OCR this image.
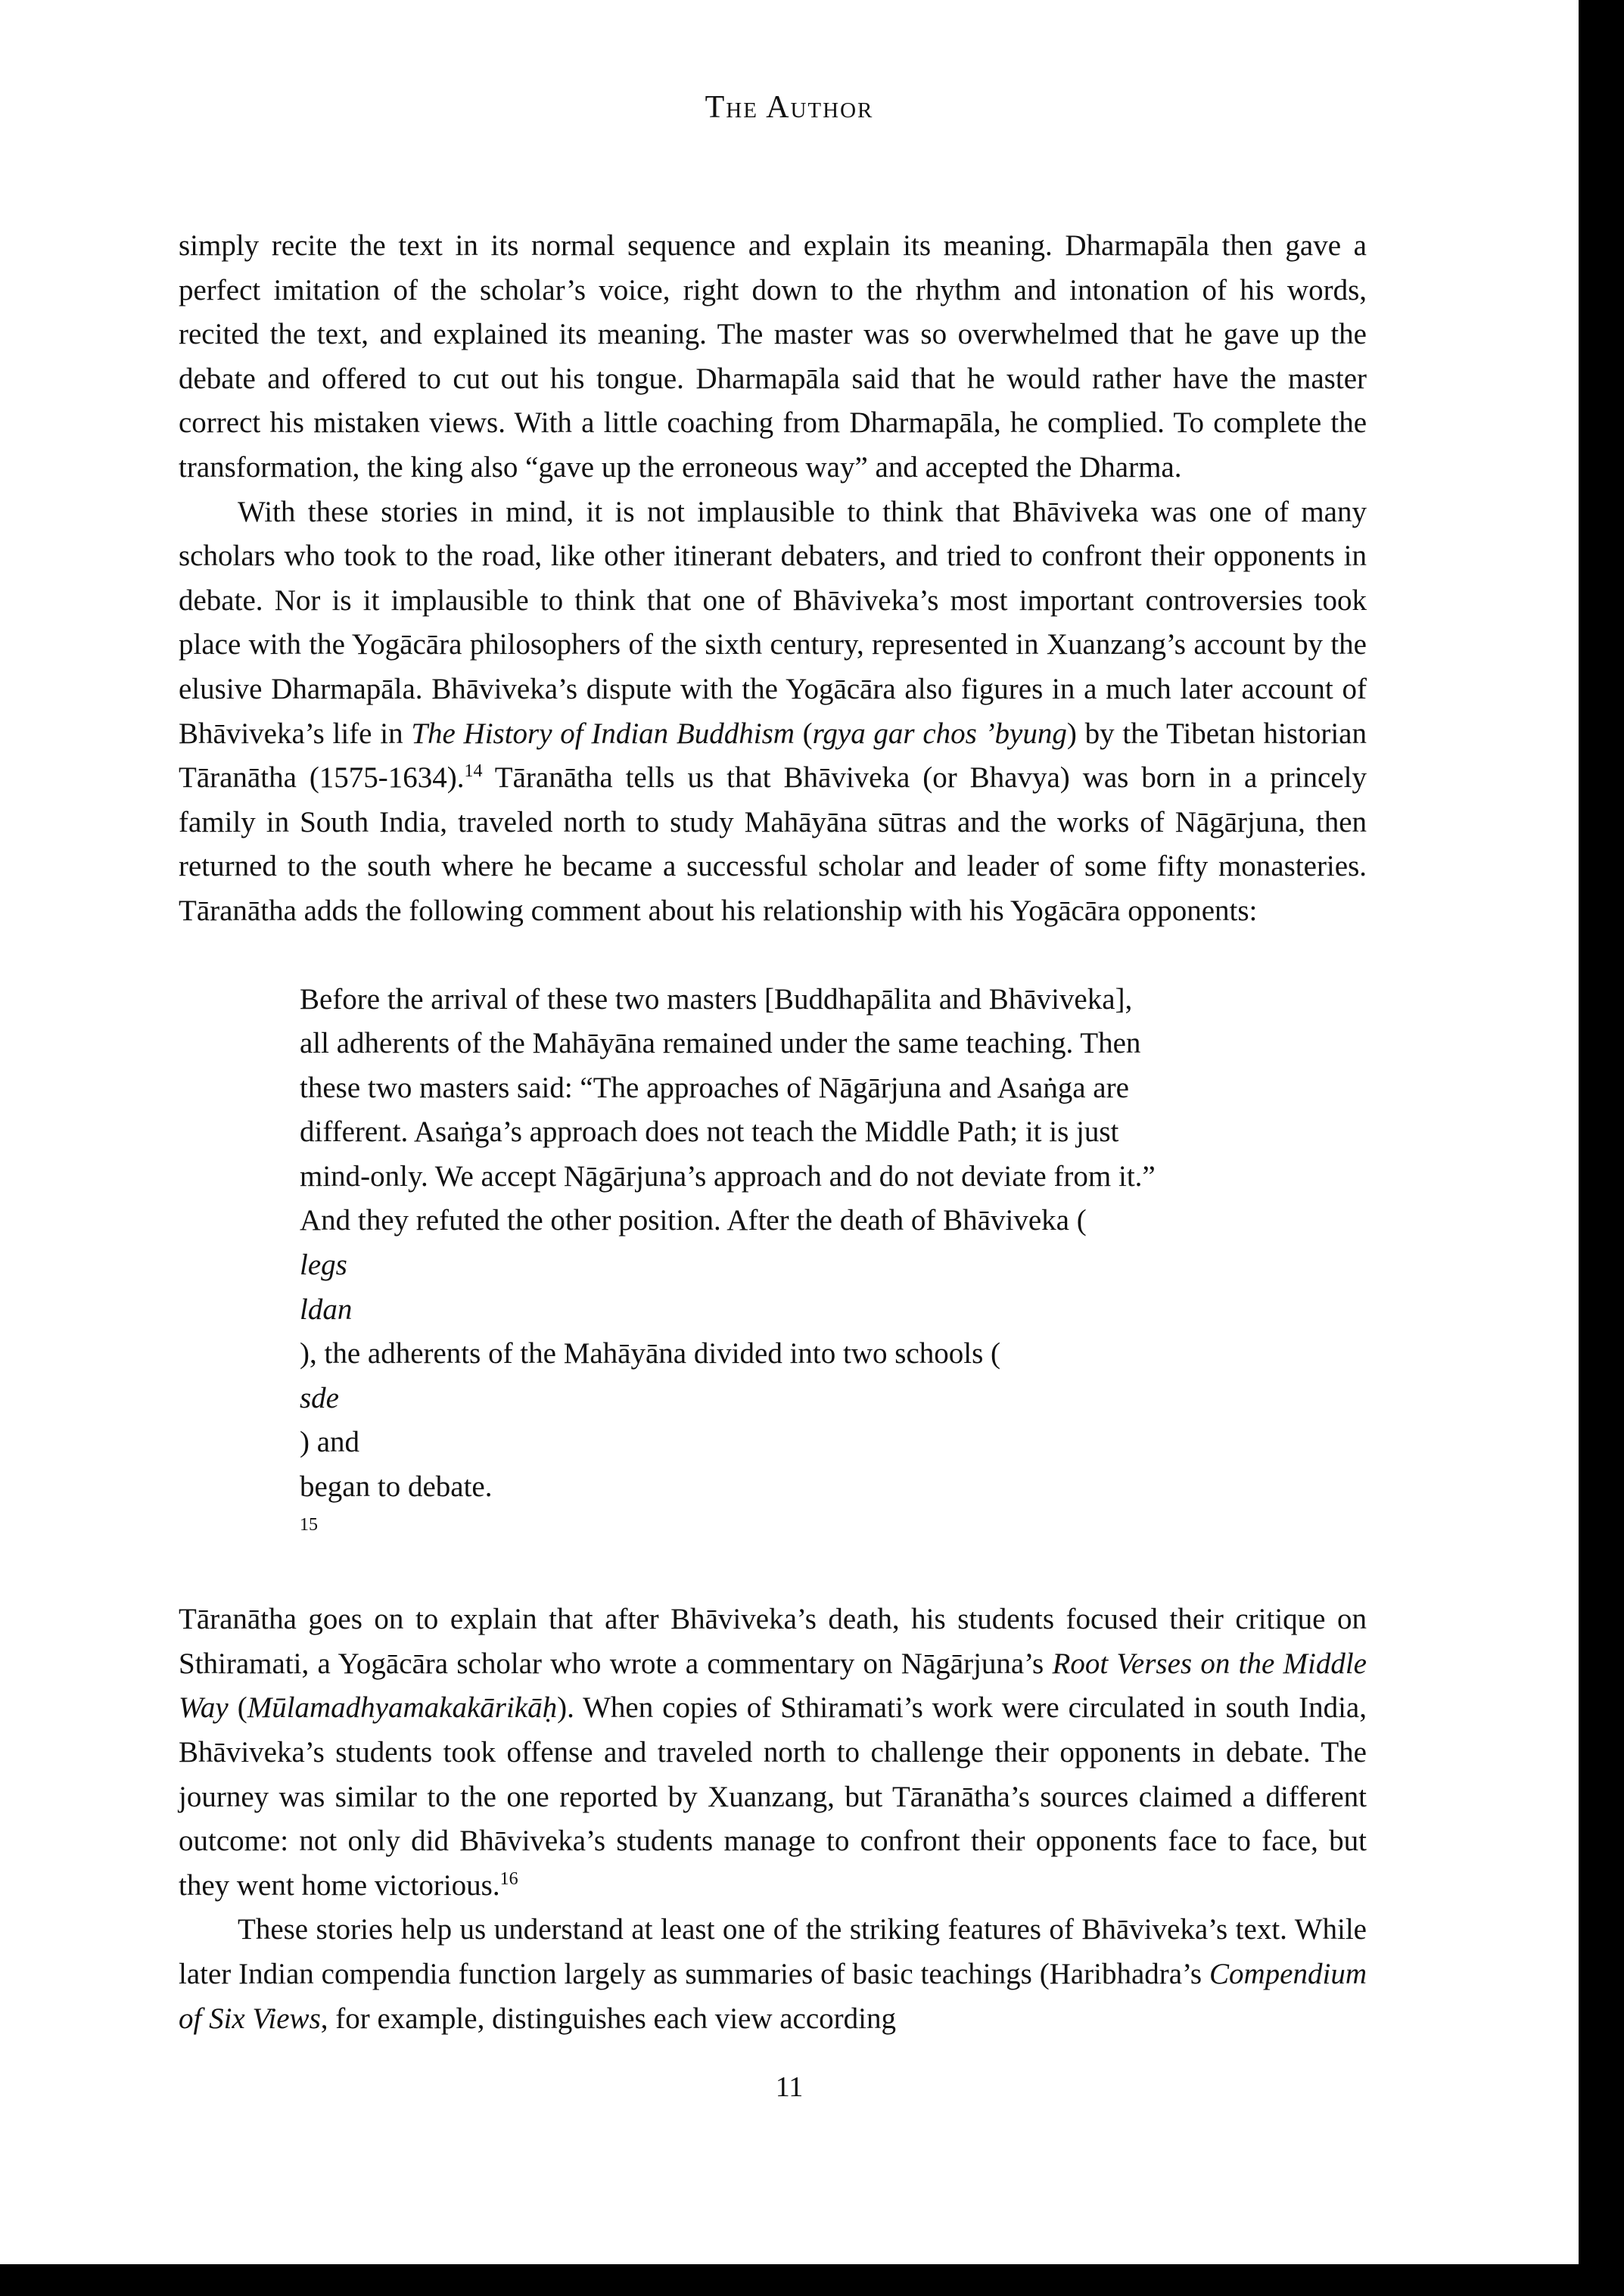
The Author

simply recite the text in its normal sequence and explain its meaning. Dharmapāla then gave a perfect imitation of the scholar’s voice, right down to the rhythm and intonation of his words, recited the text, and explained its meaning. The master was so overwhelmed that he gave up the debate and offered to cut out his tongue. Dharmapāla said that he would rather have the master correct his mistaken views. With a little coaching from Dharmapāla, he complied. To complete the transformation, the king also “gave up the erroneous way” and accepted the Dharma.

With these stories in mind, it is not implausible to think that Bhāviveka was one of many scholars who took to the road, like other itinerant debaters, and tried to confront their opponents in debate. Nor is it implausible to think that one of Bhāviveka’s most important controversies took place with the Yogācāra philosophers of the sixth century, represented in Xuanzang’s account by the elusive Dharmapāla. Bhāviveka’s dispute with the Yogācāra also figures in a much later account of Bhāviveka’s life in The History of Indian Buddhism (rgya gar chos ’byung) by the Tibetan historian Tāranātha (1575-1634).$^{14}$ Tāranātha tells us that Bhāviveka (or Bhavya) was born in a princely family in South India, traveled north to study Mahāyāna sūtras and the works of Nāgārjuna, then returned to the south where he became a successful scholar and leader of some fifty monasteries. Tāranātha adds the following comment about his relationship with his Yogācāra opponents:

Before the arrival of these two masters [Buddhapālita and Bhāviveka],
all adherents of the Mahāyāna remained under the same teaching. Then
these two masters said: “The approaches of Nāgārjuna and Asaṅga are
different. Asaṅga’s approach does not teach the Middle Path; it is just
mind-only. We accept Nāgārjuna’s approach and do not deviate from it.”
And they refuted the other position. After the death of Bhāviveka (
legs
ldan
), the adherents of the Mahāyāna divided into two schools (
sde
) and
began to debate.
$^{15}$

Tāranātha goes on to explain that after Bhāviveka’s death, his students focused their critique on Sthiramati, a Yogācāra scholar who wrote a commentary on Nāgārjuna’s Root Verses on the Middle Way (Mūlamadhyamakakārikāḥ). When copies of Sthiramati’s work were circulated in south India, Bhāviveka’s students took offense and traveled north to challenge their opponents in debate. The journey was similar to the one reported by Xuanzang, but Tāranātha’s sources claimed a different outcome: not only did Bhāviveka’s students manage to confront their opponents face to face, but they went home victorious.$^{16}$

These stories help us understand at least one of the striking features of Bhāviveka’s text. While later Indian compendia function largely as summaries of basic teachings (Haribhadra’s Compendium of Six Views, for example, distinguishes each view according

11
